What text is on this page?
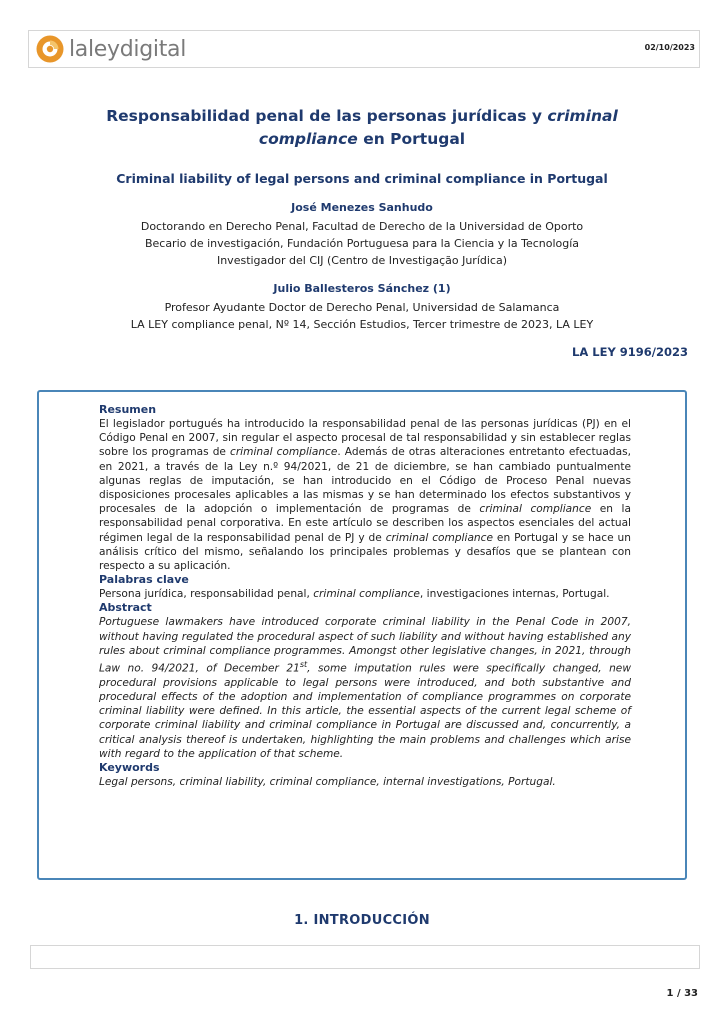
laleydigital	02/10/2023
Responsabilidad penal de las personas jurídicas y criminal compliance en Portugal
Criminal liability of legal persons and criminal compliance in Portugal
José Menezes Sanhudo
Doctorando en Derecho Penal, Facultad de Derecho de la Universidad de Oporto
Becario de investigación, Fundación Portuguesa para la Ciencia y la Tecnología
Investigador del CIJ (Centro de Investigação Jurídica)
Julio Ballesteros Sánchez (1)
Profesor Ayudante Doctor de Derecho Penal, Universidad de Salamanca
LA LEY compliance penal, Nº 14, Sección Estudios, Tercer trimestre de 2023, LA LEY
LA LEY 9196/2023
Resumen

El legislador portugués ha introducido la responsabilidad penal de las personas jurídicas (PJ) en el Código Penal en 2007, sin regular el aspecto procesal de tal responsabilidad y sin establecer reglas sobre los programas de criminal compliance. Además de otras alteraciones entretanto efectuadas, en 2021, a través de la Ley n.º 94/2021, de 21 de diciembre, se han cambiado puntualmente algunas reglas de imputación, se han introducido en el Código de Proceso Penal nuevas disposiciones procesales aplicables a las mismas y se han determinado los efectos substantivos y procesales de la adopción o implementación de programas de criminal compliance en la responsabilidad penal corporativa. En este artículo se describen los aspectos esenciales del actual régimen legal de la responsabilidad penal de PJ y de criminal compliance en Portugal y se hace un análisis crítico del mismo, señalando los principales problemas y desafíos que se plantean con respecto a su aplicación.

Palabras clave

Persona jurídica, responsabilidad penal, criminal compliance, investigaciones internas, Portugal.

Abstract

Portuguese lawmakers have introduced corporate criminal liability in the Penal Code in 2007, without having regulated the procedural aspect of such liability and without having established any rules about criminal compliance programmes. Amongst other legislative changes, in 2021, through Law no. 94/2021, of December 21st, some imputation rules were specifically changed, new procedural provisions applicable to legal persons were introduced, and both substantive and procedural effects of the adoption and implementation of compliance programmes on corporate criminal liability were defined. In this article, the essential aspects of the current legal scheme of corporate criminal liability and criminal compliance in Portugal are discussed and, concurrently, a critical analysis thereof is undertaken, highlighting the main problems and challenges which arise with regard to the application of that scheme.

Keywords

Legal persons, criminal liability, criminal compliance, internal investigations, Portugal.

1. INTRODUCCIÓN
1 / 33
